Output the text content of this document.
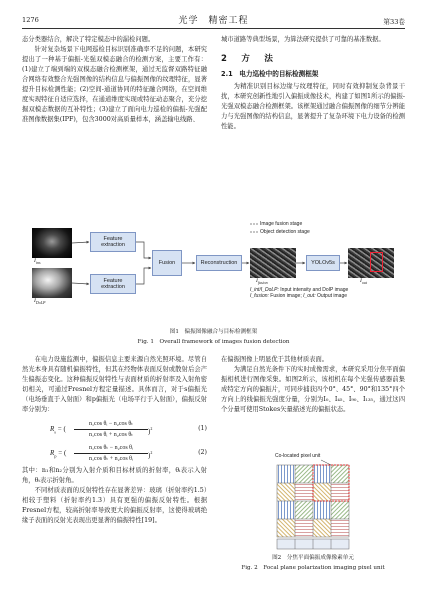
1276	光学　精密工程	第33卷

态分类器结合，解决了特定模态中的漏检问题。

针对复杂场景下电网巡检目标识别准确率不足的问题，本研究提出了一种基于偏振-光强双模态融合的检测方案，主要工作有：(1)建立了端到端的双模态融合检测框架，通过无监督双路特征融合网络有效整合光强图像的结构信息与偏振图像的纹理特征，显著提升目标检测性能；(2)空间-通道协同的特征融合网络，在空间维度实现特征自适应选择，在通道维度实现或特征动态聚合，充分挖掘双模态数据的互补特性；(3)建立了面向电力巡检的偏振-光强配准图像数据集(IPF)，包含3000对高质量样本，涵盖输电线路、

城市道路等典型场景，为算法研究提供了可靠的基准数据。

2　方　法
2.1　电力巡检中的目标检测框架

为精准识别目标边缘与纹理特征，同时有效抑制复杂背景干扰，本研究创新性地引入偏振成像技术，构建了如图1所示的偏振-光强双模态融合检测框架。该框架通过融合偏振图像的细节分辨能力与光强图像的结构信息，显著提升了复杂环境下电力设备的检测性能。

$I_{ins}$
$I_{DoLP}$
Feature extraction
Feature extraction
Fusion	Reconstruction	YOLOv5s
$I_{fusion}$	$I_{out}$
Image fusion stage
Object detection stage
I_int/I_DoLP: Input intensity and DoIP image
I_fusion: Fusion image; I_out: Output image
图1　偏振图像融合与目标检测框架
Fig. 1　Overall framework of images fusion detection

在电力设施监测中，偏振信息主要来源自然光照环境。尽管自然光本身具有随机偏振特性，但其在经物体表面反射或散射后会产生偏振态变化。这种偏振反射特性与表面材质的折射率及入射角密切相关，可通过Fresnel方程定量描述。具体而言，对于s偏振光（电场垂直于入射面）和p偏振光（电场平行于入射面），偏振反射率分别为：

$R_s$ = (
n₁cos θᵢ − n₂cos θₜ
n₁cos θᵢ + n₂cos θₜ	)$^2$	(1)
$R_p$ = (
n₁cos θₜ − n₂cos θᵢ
n₁cos θₜ + n₂cos θᵢ	)$^2$	(2)

其中：n₁和n₂分别为入射介质和目标材质的折射率，θᵢ表示入射角，θₜ表示折射角。

不同材质表面的反射特性存在显著差异：玻璃（折射率约1.5）相较于塑料（折射率约1.3）具有更强的偏振反射特性。根据Fresnel方程，较高折射率导致更大的偏振反射率，这使得玻璃绝缘子表面的反射光表现出更显著的偏振特性[19]。

在偏振图像上明显优于其他材质表面。

为满足自然光条件下的实时成像需求，本研究采用分焦平面偏振相机进行图像采集。如图2所示，该相机在每个光强传感器前集成特定方向的偏振片，可同步捕获四个0°、45°、90°和135°四个方向上的线偏振光强度分量，分别为I₀、I₄₅、I₉₀、I₁₃₅，通过这四个分量可使用Stokes矢量描述光的偏振状态。

Co-located pixel unit
图2　分焦平面偏振成像像素单元
Fig. 2　Focal plane polarization imaging pixel unit
